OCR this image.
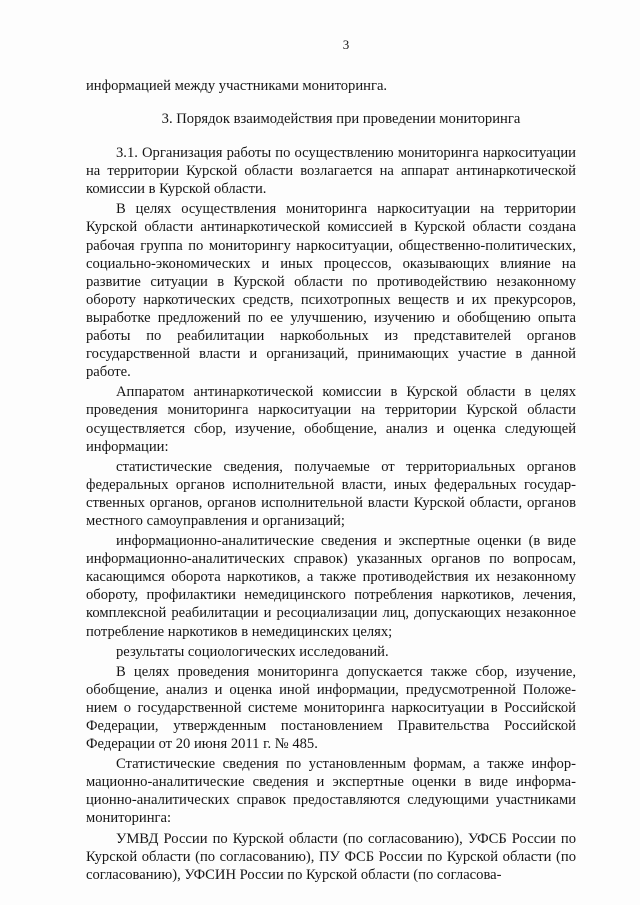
3

информацией между участниками мониторинга.

3. Порядок взаимодействия при проведении мониторинга

3.1. Организация работы по осуществлению мониторинга наркоситуации на территории Курской области возлагается на аппарат антинаркотической комиссии в Курской области.

В целях осуществления мониторинга наркоситуации на территории Курской области антинаркотической комиссией в Курской области создана рабочая группа по мониторингу наркоситуации, общественно-политических, социально-экономических и иных процессов, оказывающих влияние на развитие ситуации в Курской области по противодействию незаконному обороту наркотических средств, психотропных веществ и их прекурсоров, выработке предложений по ее улучшению, изучению и обобщению опыта работы по реабилитации наркобольных из представителей органов государственной власти и организаций, принимающих участие в данной работе.

Аппаратом антинаркотической комиссии в Курской области в целях проведения мониторинга наркоситуации на территории Курской области осуществляется сбор, изучение, обобщение, анализ и оценка следующей информации:

статистические сведения, получаемые от территориальных органов федеральных органов исполнительной власти, иных федеральных государственных органов, органов исполнительной власти Курской области, органов местного самоуправления и организаций;

информационно-аналитические сведения и экспертные оценки (в виде информационно-аналитических справок) указанных органов по вопросам, касающимся оборота наркотиков, а также противодействия их незаконному обороту, профилактики немедицинского потребления наркотиков, лечения, комплексной реабилитации и ресоциализации лиц, допускающих незаконное потребление наркотиков в немедицинских целях;

результаты социологических исследований.

В целях проведения мониторинга допускается также сбор, изучение, обобщение, анализ и оценка иной информации, предусмотренной Положением о государственной системе мониторинга наркоситуации в Российской Федерации, утвержденным постановлением Правительства Российской Федерации от 20 июня 2011 г. № 485.

Статистические сведения по установленным формам, а также информационно-аналитические сведения и экспертные оценки в виде информационно-аналитических справок предоставляются следующими участниками мониторинга:

УМВД России по Курской области (по согласованию), УФСБ России по Курской области (по согласованию), ПУ ФСБ России по Курской области (по согласованию), УФСИН России по Курской области (по согласова-
